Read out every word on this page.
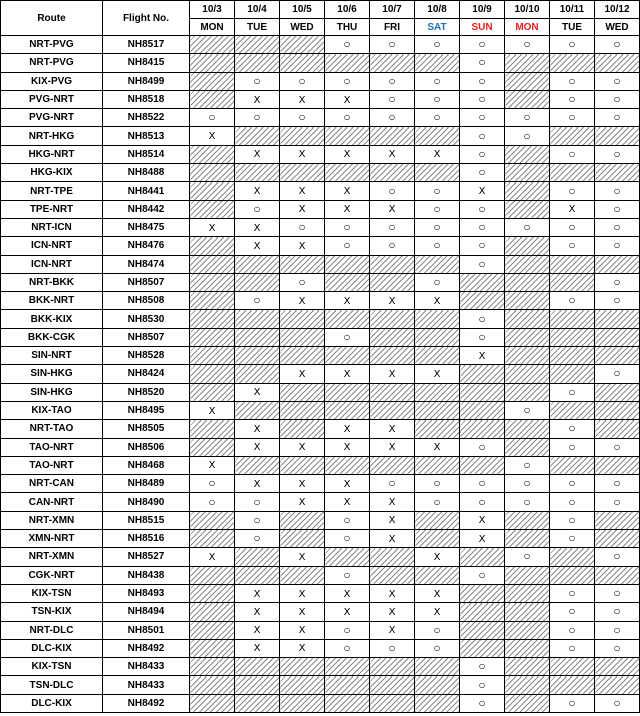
Route	Flight No.	10/3	10/4	10/5	10/6	10/7	10/8	10/9	10/10	10/11	10/12
		MON	TUE	WED	THU	FRI	SAT	SUN	MON	TUE	WED
NRT-PVG	NH8517				○	○	○	○	○	○	○
NRT-PVG	NH8415							○			
KIX-PVG	NH8499		○	○	○	○	○	○		○	○
PVG-NRT	NH8518		X	X	X	○	○	○		○	○
PVG-NRT	NH8522	○	○	○	○	○	○	○	○	○	○
NRT-HKG	NH8513	X						○	○		
HKG-NRT	NH8514		X	X	X	X	X	○		○	○
HKG-KIX	NH8488							○			
NRT-TPE	NH8441		X	X	X	○	○	X		○	○
TPE-NRT	NH8442		○	X	X	X	○	○		X	○
NRT-ICN	NH8475	X	X	○	○	○	○	○	○	○	○
ICN-NRT	NH8476		X	X	○	○	○	○		○	○
ICN-NRT	NH8474							○			
NRT-BKK	NH8507			○			○				○
BKK-NRT	NH8508		○	X	X	X	X			○	○
BKK-KIX	NH8530							○			
BKK-CGK	NH8507				○			○			
SIN-NRT	NH8528							X			
SIN-HKG	NH8424			X	X	X	X				○
SIN-HKG	NH8520		X							○	
KIX-TAO	NH8495	X							○		
NRT-TAO	NH8505		X		X	X				○	
TAO-NRT	NH8506		X	X	X	X	X	○		○	○
TAO-NRT	NH8468	X							○		
NRT-CAN	NH8489	○	X	X	X	○	○	○	○	○	○
CAN-NRT	NH8490	○	○	X	X	X	○	○	○	○	○
NRT-XMN	NH8515		○		○	X		X		○	
XMN-NRT	NH8516		○		○	X		X		○	
NRT-XMN	NH8527	X		X			X		○		○
CGK-NRT	NH8438				○			○			
KIX-TSN	NH8493		X	X	X	X	X			○	○
TSN-KIX	NH8494		X	X	X	X	X			○	○
NRT-DLC	NH8501		X	X	○	X	○			○	○
DLC-KIX	NH8492		X	X	○	○	○			○	○
KIX-TSN	NH8433							○			
TSN-DLC	NH8433							○			
DLC-KIX	NH8492							○		○	○
